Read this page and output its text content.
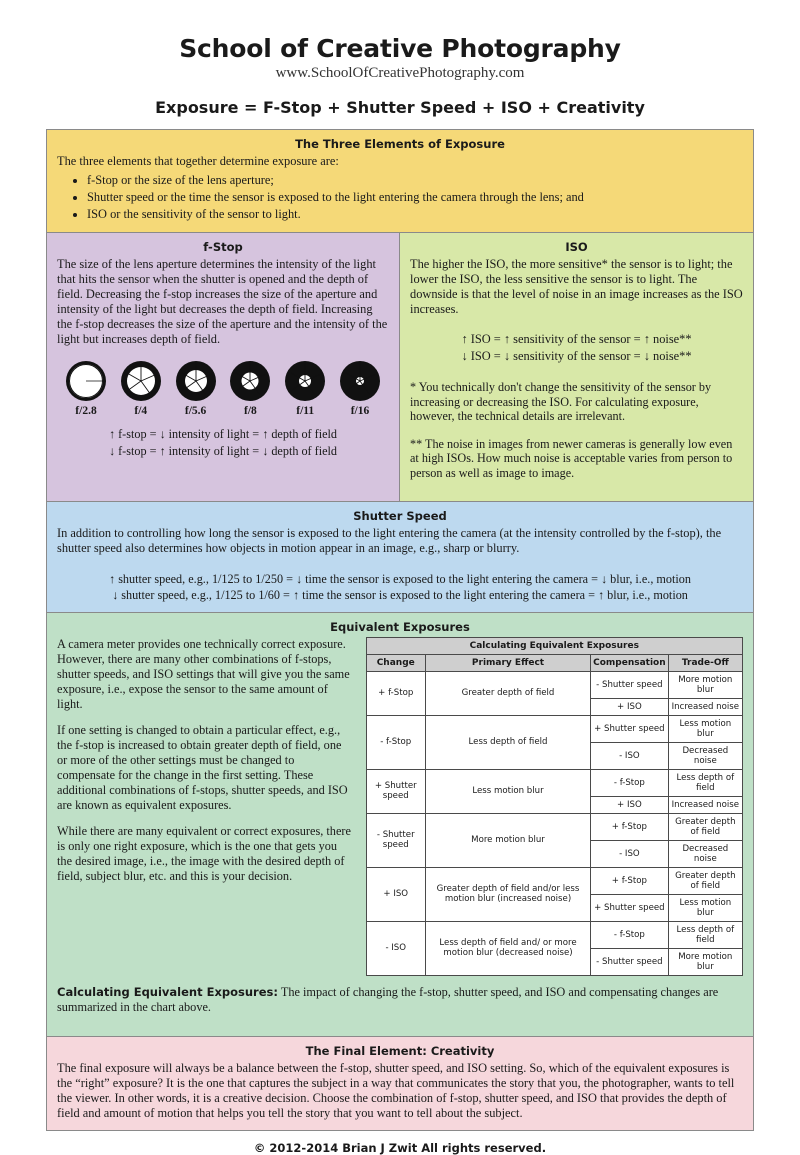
School of Creative Photography
www.SchoolOfCreativePhotography.com
Exposure = F-Stop + Shutter Speed + ISO + Creativity
The Three Elements of Exposure

The three elements that together determine exposure are:

• f-Stop or the size of the lens aperture;
• Shutter speed or the time the sensor is exposed to the light entering the camera through the lens; and
• ISO or the sensitivity of the sensor to light.
f-Stop

The size of the lens aperture determines the intensity of the light that hits the sensor when the shutter is opened and the depth of field. Decreasing the f-stop increases the size of the aperture and intensity of the light but decreases the depth of field. Increasing the f-stop decreases the size of the aperture and the intensity of the light but increases depth of field.

f/2.8	f/4	f/5.6	f/8	f/11	f/16
↑ f-stop = ↓ intensity of light = ↑ depth of field
↓ f-stop = ↑ intensity of light = ↓ depth of field
ISO

The higher the ISO, the more sensitive* the sensor is to light; the lower the ISO, the less sensitive the sensor is to light. The downside is that the level of noise in an image increases as the ISO increases.

↑ ISO = ↑ sensitivity of the sensor = ↑ noise**
↓ ISO = ↓ sensitivity of the sensor = ↓ noise**

* You technically don't change the sensitivity of the sensor by increasing or decreasing the ISO. For calculating exposure, however, the technical details are irrelevant.

** The noise in images from newer cameras is generally low even at high ISOs. How much noise is acceptable varies from person to person as well as image to image.

Shutter Speed

In addition to controlling how long the sensor is exposed to the light entering the camera (at the intensity controlled by the f-stop), the shutter speed also determines how objects in motion appear in an image, e.g., sharp or blurry.

↑ shutter speed, e.g., 1/125 to 1/250 = ↓ time the sensor is exposed to the light entering the camera = ↓ blur, i.e., motion
↓ shutter speed, e.g., 1/125 to 1/60 = ↑ time the sensor is exposed to the light entering the camera = ↑ blur, i.e., motion
Equivalent Exposures

A camera meter provides one technically correct exposure. However, there are many other combinations of f-stops, shutter speeds, and ISO settings that will give you the same exposure, i.e., expose the sensor to the same amount of light.

If one setting is changed to obtain a particular effect, e.g., the f-stop is increased to obtain greater depth of field, one or more of the other settings must be changed to compensate for the change in the first setting. These additional combinations of f-stops, shutter speeds, and ISO are known as equivalent exposures.

While there are many equivalent or correct exposures, there is only one right exposure, which is the one that gets you the desired image, i.e., the image with the desired depth of field, subject blur, etc. and this is your decision.

Calculating Equivalent Exposures			
Change	Primary Effect	Compensation	Trade-Off
+ f-Stop	Greater depth of field	- Shutter speed	More motion blur
		+ ISO	Increased noise
- f-Stop	Less depth of field	+ Shutter speed	Less motion blur
		- ISO	Decreased noise
+ Shutter speed	Less motion blur	- f-Stop	Less depth of field
		+ ISO	Increased noise
- Shutter speed	More motion blur	+ f-Stop	Greater depth of field
		- ISO	Decreased noise
+ ISO	Greater depth of field and/or less motion blur (increased noise)	+ f-Stop	Greater depth of field
		+ Shutter speed	Less motion blur
- ISO	Less depth of field and/ or more motion blur (decreased noise)	- f-Stop	Less depth of field
		- Shutter speed	More motion blur

Calculating Equivalent Exposures: The impact of changing the f-stop, shutter speed, and ISO and compensating changes are summarized in the chart above.

The Final Element: Creativity

The final exposure will always be a balance between the f-stop, shutter speed, and ISO setting. So, which of the equivalent exposures is the “right” exposure? It is the one that captures the subject in a way that communicates the story that you, the photographer, wants to tell the viewer. In other words, it is a creative decision. Choose the combination of f-stop, shutter speed, and ISO that provides the depth of field and amount of motion that helps you tell the story that you want to tell about the subject.

© 2012-2014 Brian J Zwit All rights reserved.
